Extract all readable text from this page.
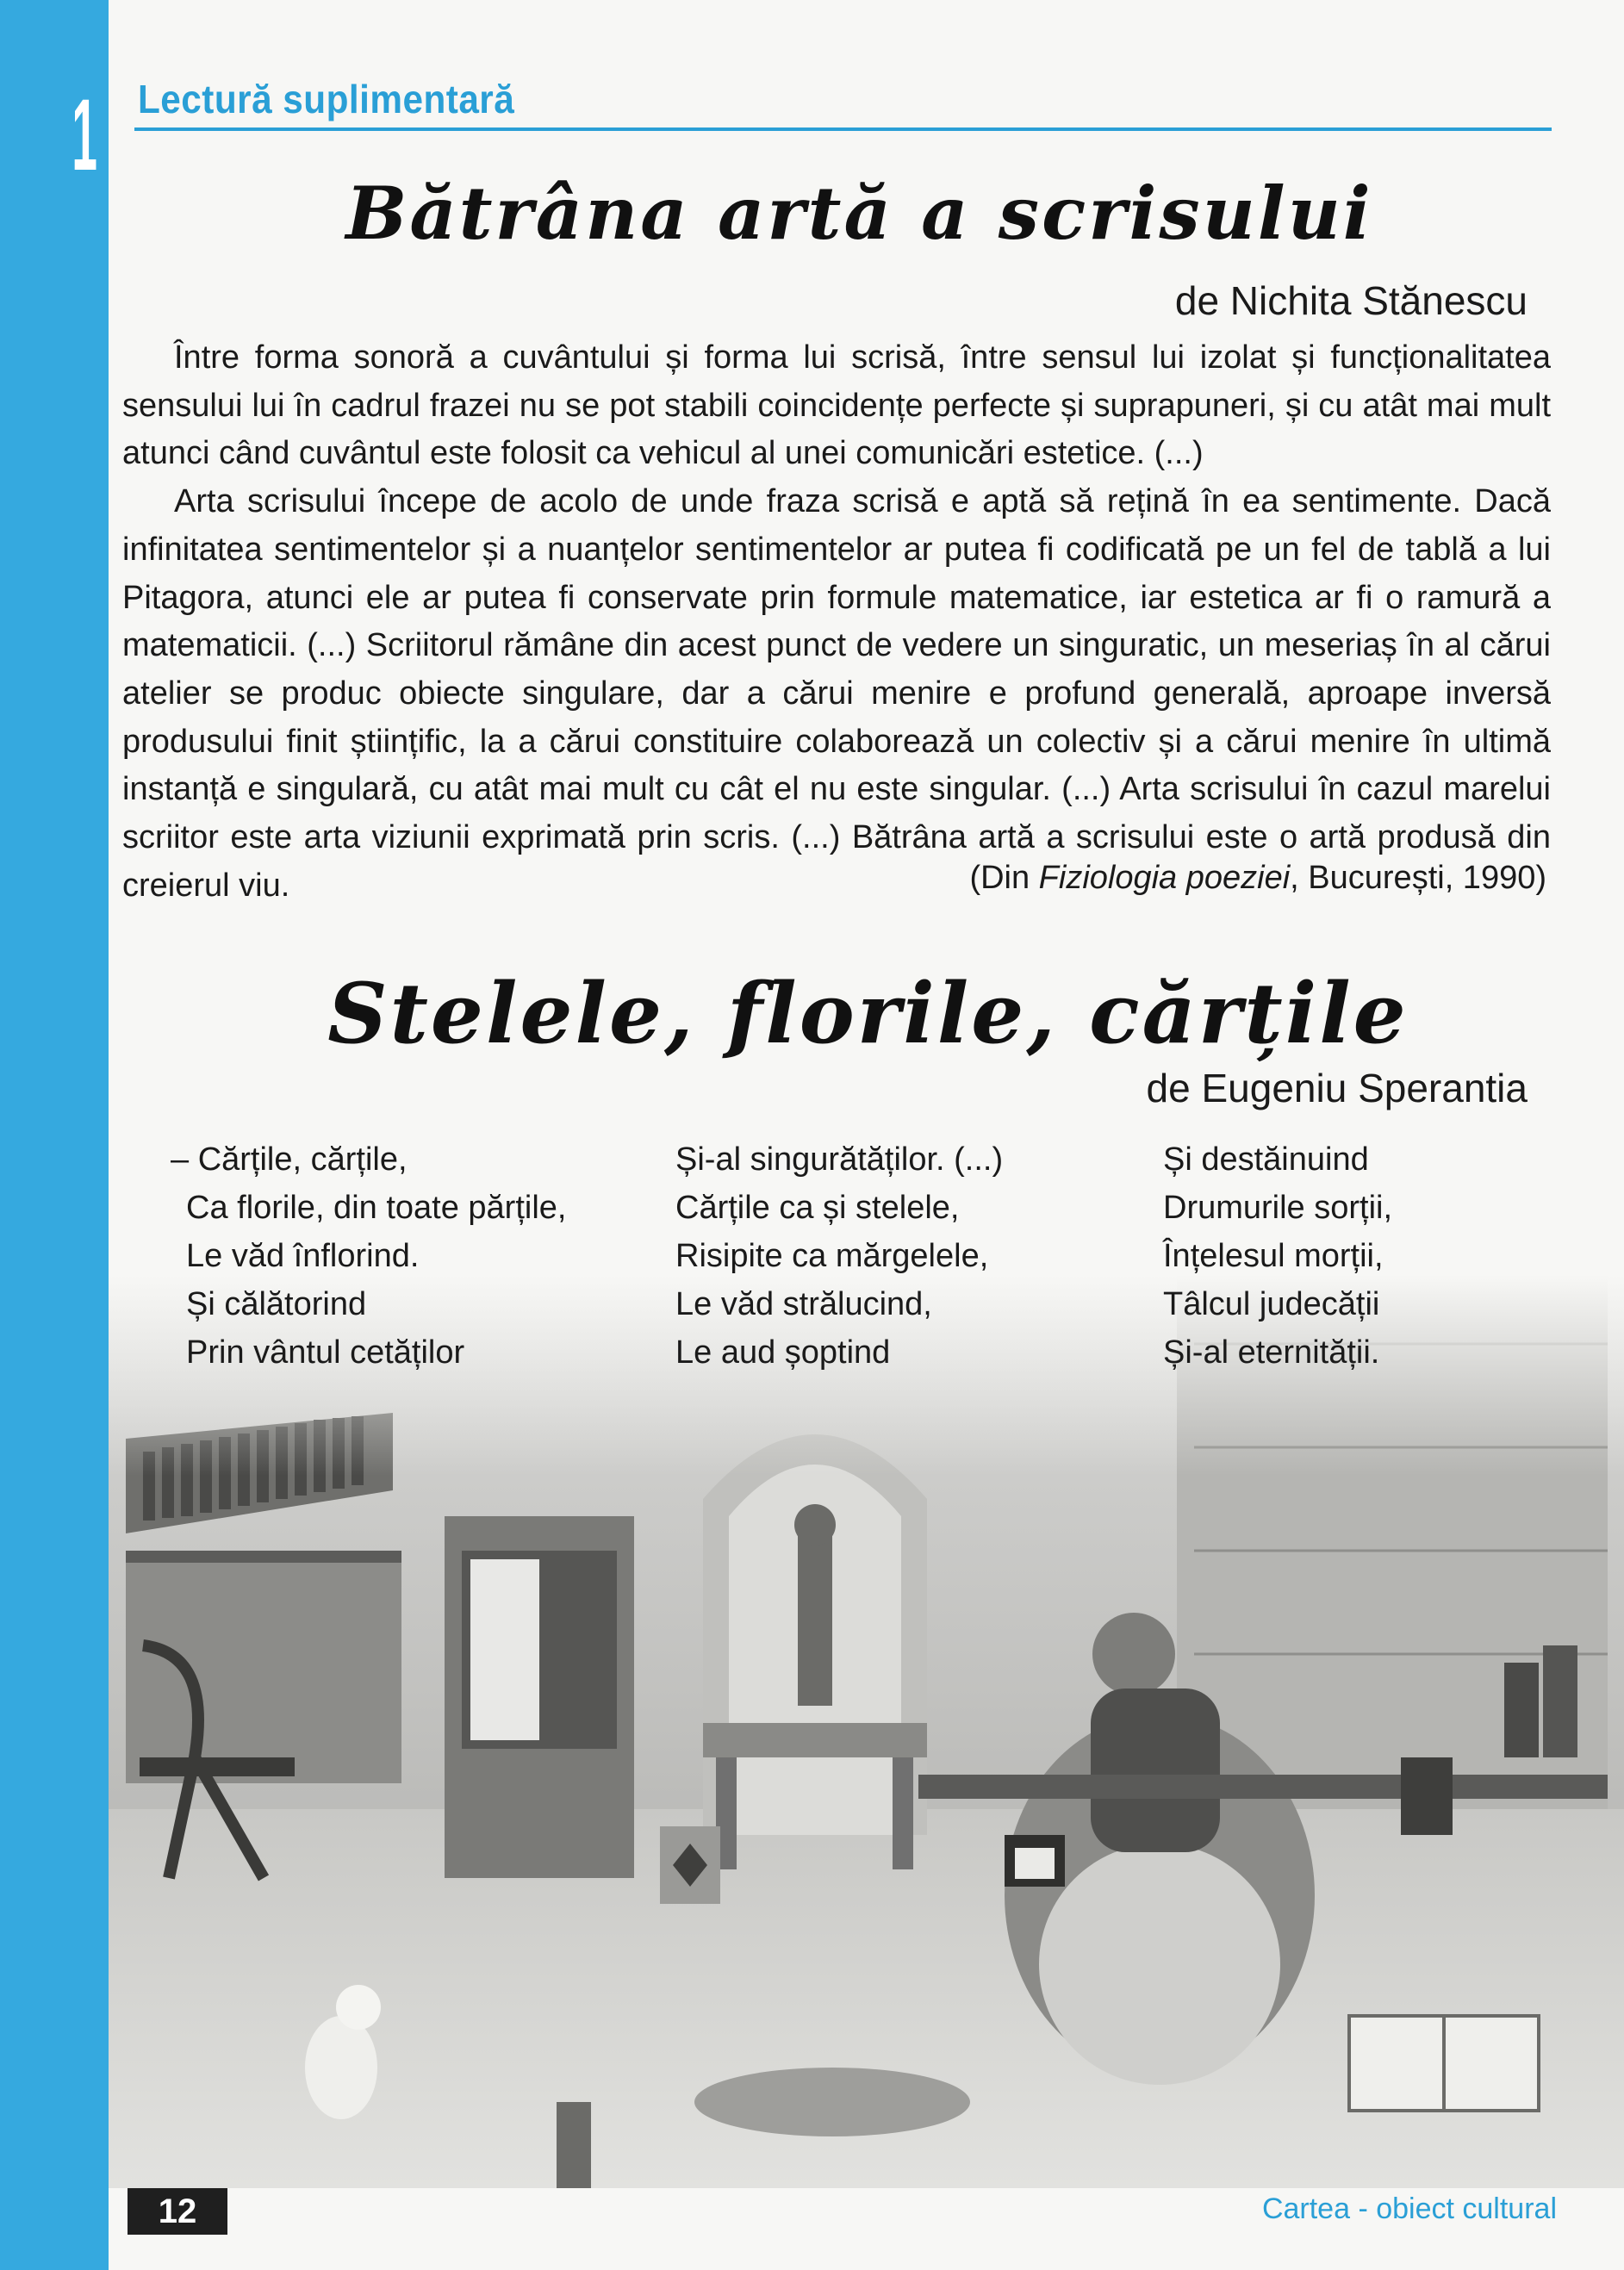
1 Lectură suplimentară
Bătrâna artă a scrisului
de Nichita Stănescu

Între forma sonoră a cuvântului și forma lui scrisă, între sensul lui izolat și funcționalitatea sensului lui în cadrul frazei nu se pot stabili coincidențe perfecte și suprapuneri, și cu atât mai mult atunci când cuvântul este folosit ca vehicul al unei comunicări estetice. (...)

Arta scrisului începe de acolo de unde fraza scrisă e aptă să rețină în ea sentimente. Dacă infinitatea sentimentelor și a nuanțelor sentimentelor ar putea fi codificată pe un fel de tablă a lui Pitagora, atunci ele ar putea fi conservate prin formule matematice, iar estetica ar fi o ramură a matematicii. (...) Scriitorul rămâne din acest punct de vedere un singuratic, un meseriaș în al cărui atelier se produc obiecte singulare, dar a cărui menire e profund generală, aproape inversă produsului finit științific, la a cărui constituire colaborează un colectiv și a cărui menire în ultimă instanță e singulară, cu atât mai mult cu cât el nu este singular. (...) Arta scrisului în cazul marelui scriitor este arta viziunii exprimată prin scris. (...) Bătrâna artă a scrisului este o artă produsă din creierul viu.	(Din Fiziologia poeziei, București, 1990)
Stelele, florile, cărțile
de Eugeniu Sperantia
– Cărțile, cărțile,
Ca florile, din toate părțile,
Le văd înflorind.
Și călătorind
Prin vântul cetăților
Și-al singurătăților. (...)
Cărțile ca și stelele,
Risipite ca mărgelele,
Le văd strălucind,
Le aud șoptind
Și destăinuind
Drumurile sorții,
Înțelesul morții,
Tâlcul judecății
Și-al eternității.
12	Cartea - obiect cultural
